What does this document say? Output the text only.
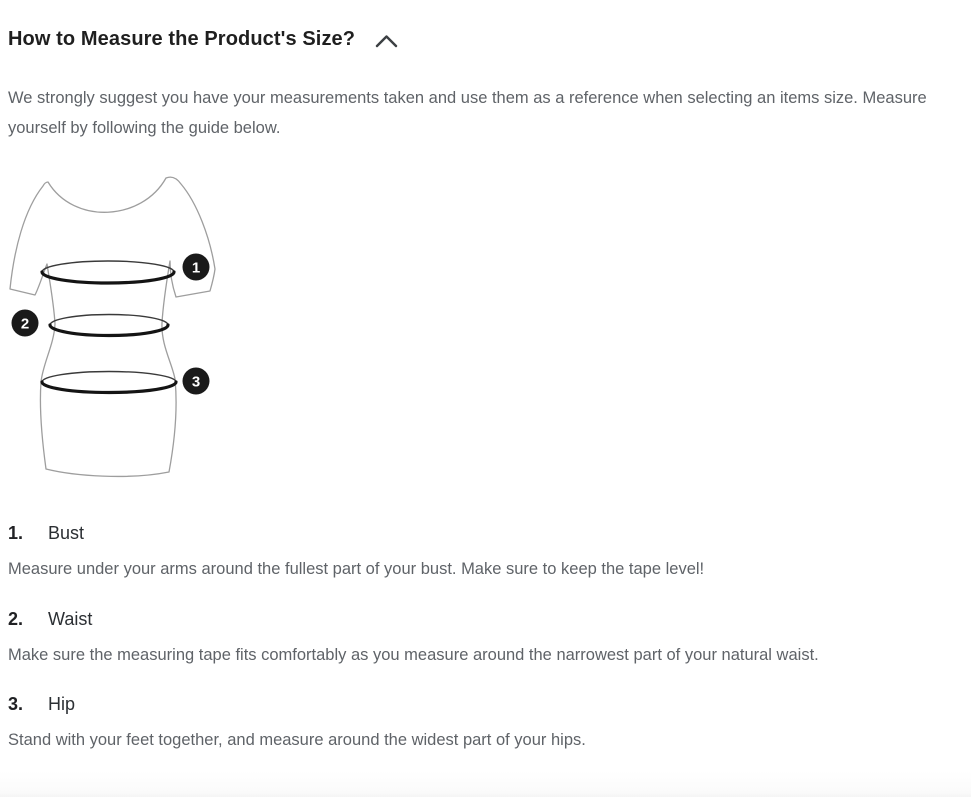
How to Measure the Product's Size?

We strongly suggest you have your measurements taken and use them as a reference when selecting an items size. Measure yourself by following the guide below.

1
2
3
1.	Bust

Measure under your arms around the fullest part of your bust. Make sure to keep the tape level!

2.	Waist

Make sure the measuring tape fits comfortably as you measure around the narrowest part of your natural waist.

3.	Hip

Stand with your feet together, and measure around the widest part of your hips.
